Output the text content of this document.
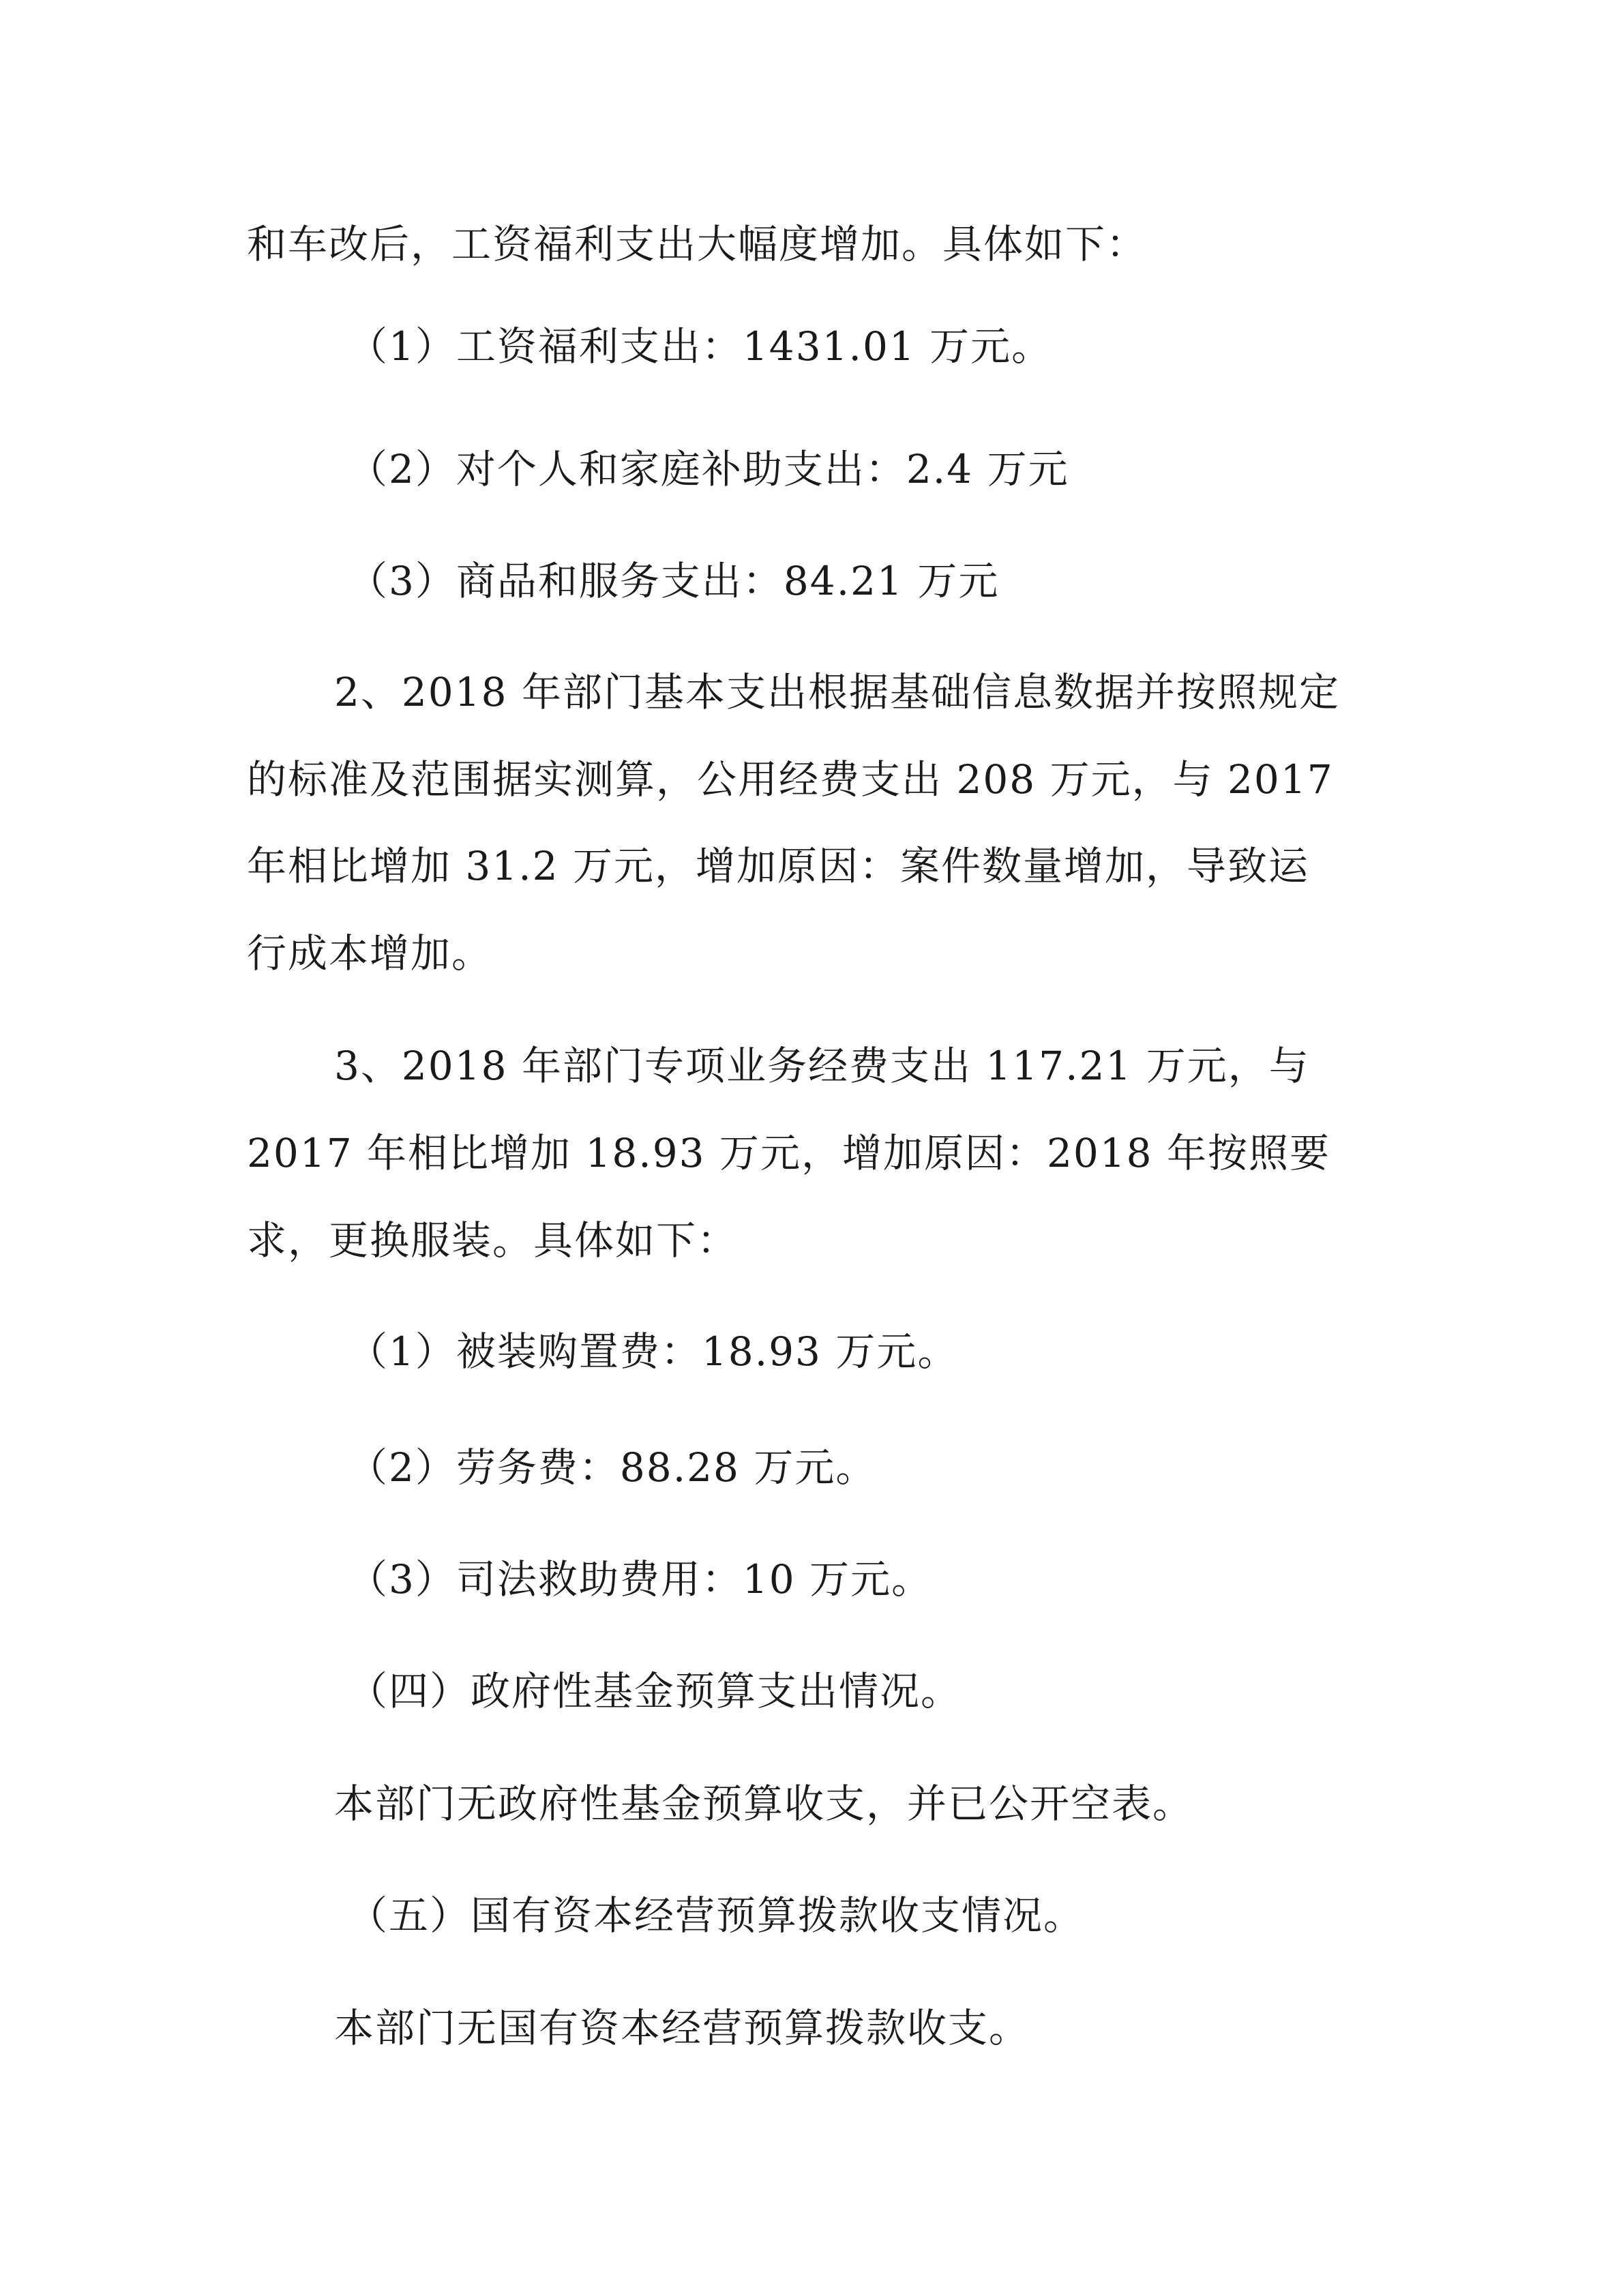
和车改后，工资福利支出大幅度增加。具体如下：
（1）工资福利支出：1431.01 万元。
（2）对个人和家庭补助支出：2.4 万元
（3）商品和服务支出：84.21 万元
2、2018 年部门基本支出根据基础信息数据并按照规定
的标准及范围据实测算，公用经费支出 208 万元，与 2017
年相比增加 31.2 万元，增加原因：案件数量增加，导致运
行成本增加。
3、2018 年部门专项业务经费支出 117.21 万元，与
2017 年相比增加 18.93 万元，增加原因：2018 年按照要
求，更换服装。具体如下：
（1）被装购置费：18.93 万元。
（2）劳务费：88.28 万元。
（3）司法救助费用：10 万元。
（四）政府性基金预算支出情况。
本部门无政府性基金预算收支，并已公开空表。
（五）国有资本经营预算拨款收支情况。
本部门无国有资本经营预算拨款收支。
